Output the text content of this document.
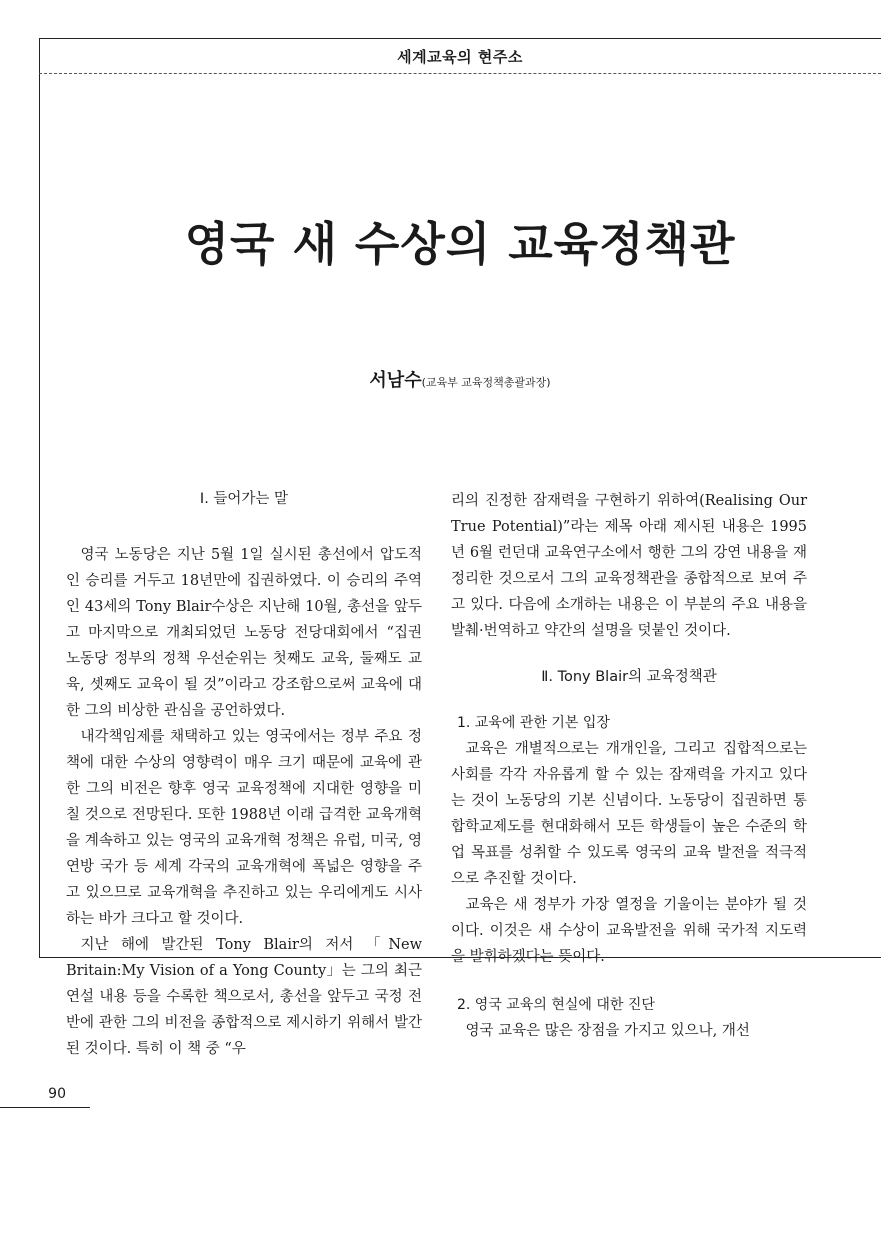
세계교육의 현주소
영국 새 수상의 교육정책관
서남수(교육부 교육정책총괄과장)
Ⅰ. 들어가는 말

영국 노동당은 지난 5월 1일 실시된 총선에서 압도적인 승리를 거두고 18년만에 집권하였다. 이 승리의 주역인 43세의 Tony Blair수상은 지난해 10월, 총선을 앞두고 마지막으로 개최되었던 노동당 전당대회에서 “집권 노동당 정부의 정책 우선순위는 첫째도 교육, 둘째도 교육, 셋째도 교육이 될 것”이라고 강조함으로써 교육에 대한 그의 비상한 관심을 공언하였다.

내각책임제를 채택하고 있는 영국에서는 정부 주요 정책에 대한 수상의 영향력이 매우 크기 때문에 교육에 관한 그의 비전은 향후 영국 교육정책에 지대한 영향을 미칠 것으로 전망된다. 또한 1988년 이래 급격한 교육개혁을 계속하고 있는 영국의 교육개혁 정책은 유럽, 미국, 영연방 국가 등 세계 각국의 교육개혁에 폭넓은 영향을 주고 있으므로 교육개혁을 추진하고 있는 우리에게도 시사하는 바가 크다고 할 것이다.

지난 해에 발간된 Tony Blair의 저서 「New Britain:My Vision of a Yong County」는 그의 최근 연설 내용 등을 수록한 책으로서, 총선을 앞두고 국정 전반에 관한 그의 비전을 종합적으로 제시하기 위해서 발간된 것이다. 특히 이 책 중 “우

리의 진정한 잠재력을 구현하기 위하여(Realising Our True Potential)”라는 제목 아래 제시된 내용은 1995년 6월 런던대 교육연구소에서 행한 그의 강연 내용을 재정리한 것으로서 그의 교육정책관을 종합적으로 보여 주고 있다. 다음에 소개하는 내용은 이 부분의 주요 내용을 발췌·번역하고 약간의 설명을 덧붙인 것이다.

Ⅱ. Tony Blair의 교육정책관
1. 교육에 관한 기본 입장

교육은 개별적으로는 개개인을, 그리고 집합적으로는 사회를 각각 자유롭게 할 수 있는 잠재력을 가지고 있다는 것이 노동당의 기본 신념이다. 노동당이 집권하면 통합학교제도를 현대화해서 모든 학생들이 높은 수준의 학업 목표를 성취할 수 있도록 영국의 교육 발전을 적극적으로 추진할 것이다.

교육은 새 정부가 가장 열정을 기울이는 분야가 될 것이다. 이것은 새 수상이 교육발전을 위해 국가적 지도력을 발휘하겠다는 뜻이다.

2. 영국 교육의 현실에 대한 진단

영국 교육은 많은 장점을 가지고 있으나, 개선

90
